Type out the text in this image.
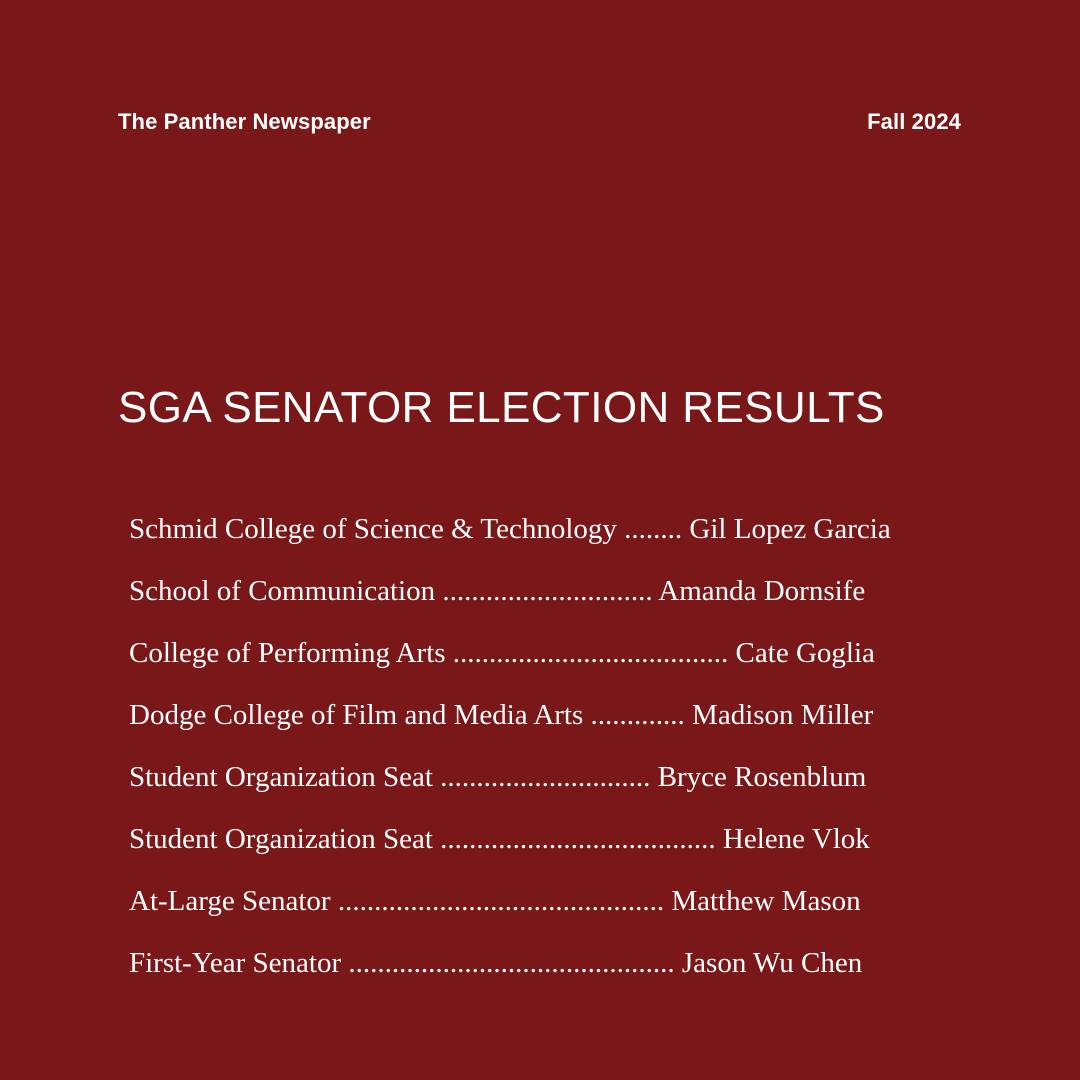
The Panther Newspaper	Fall 2024
SGA SENATOR ELECTION RESULTS
Schmid College of Science & Technology ........ Gil Lopez Garcia
School of Communication ............................. Amanda Dornsife
College of Performing Arts ...................................... Cate Goglia
Dodge College of Film and Media Arts ............. Madison Miller
Student Organization Seat ............................. Bryce Rosenblum
Student Organization Seat ...................................... Helene Vlok
At-Large Senator ............................................. Matthew Mason
First-Year Senator ............................................. Jason Wu Chen
